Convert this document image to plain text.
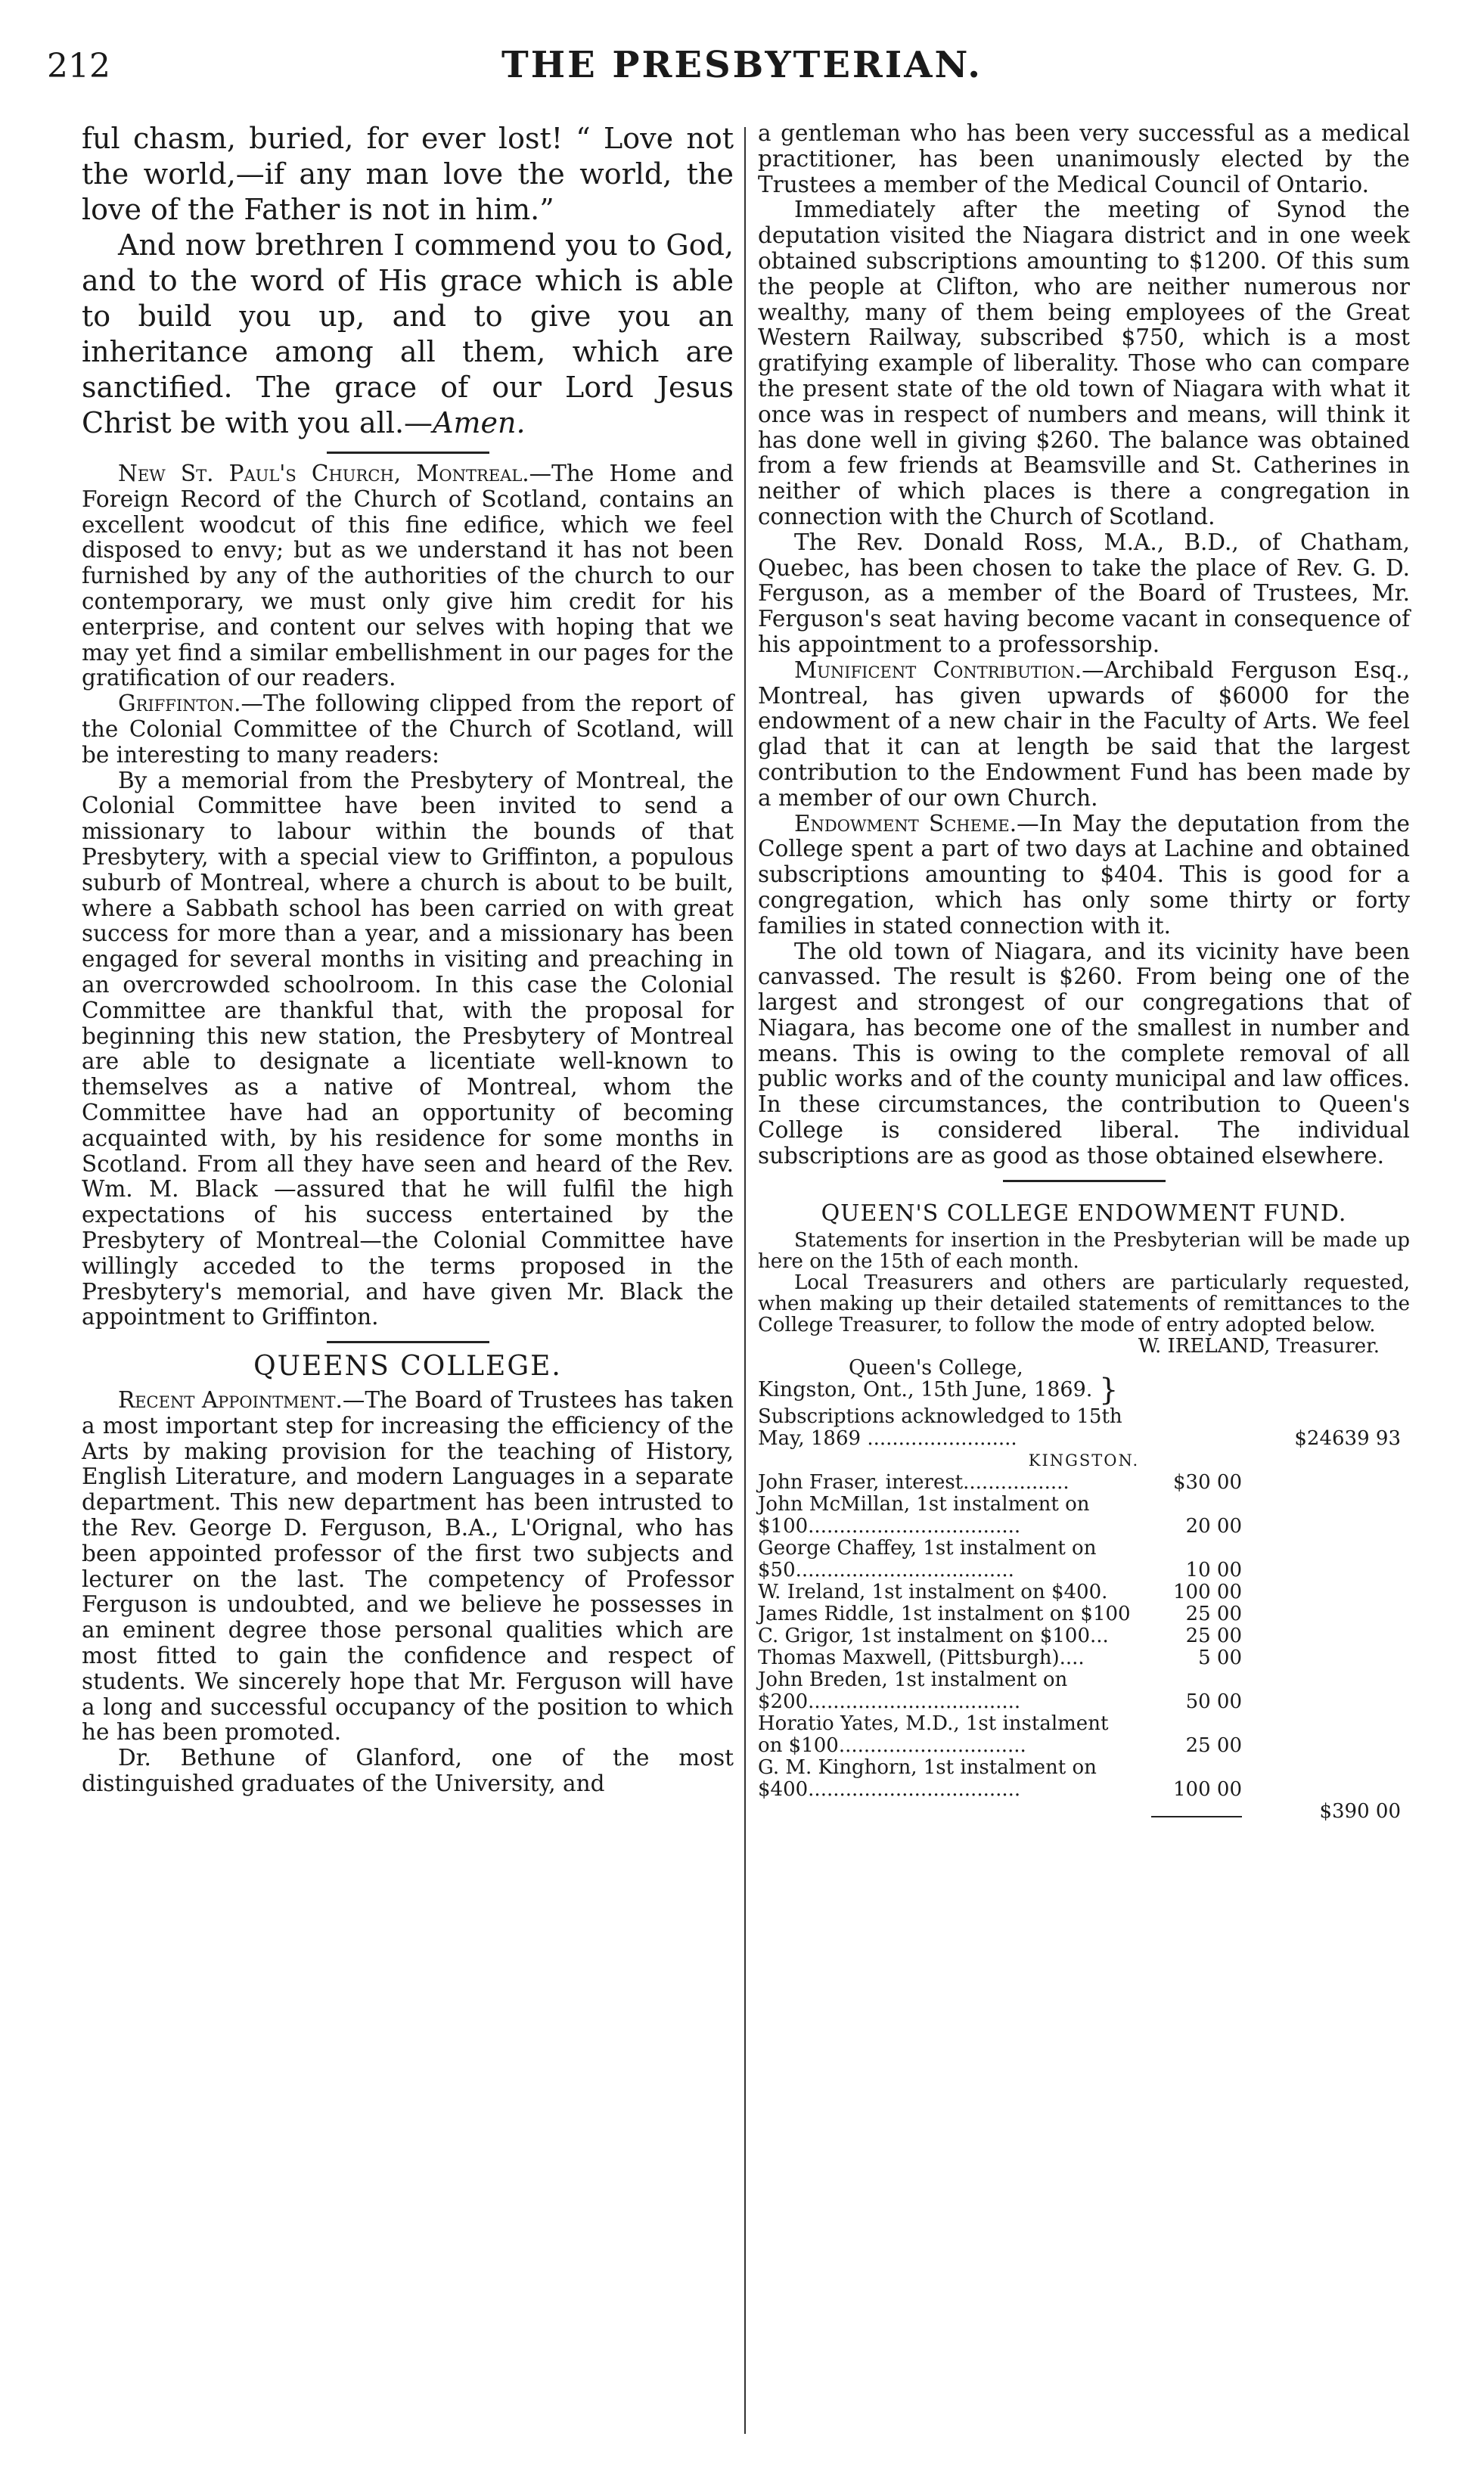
212	THE PRESBYTERIAN.

ful chasm, buried, for ever lost! “ Love not the world,—if any man love the world, the love of the Father is not in him.”

And now brethren I commend you to God, and to the word of His grace which is able to build you up, and to give you an inheritance among all them, which are sanctified. The grace of our Lord Jesus Christ be with you all.—Amen.

New St. Paul's Church, Montreal.—The Home and Foreign Record of the Church of Scotland, contains an excellent woodcut of this fine edifice, which we feel disposed to envy; but as we understand it has not been furnished by any of the authorities of the church to our contemporary, we must only give him credit for his enterprise, and content our selves with hoping that we may yet find a similar embellishment in our pages for the gratification of our readers.

Griffinton.—The following clipped from the report of the Colonial Committee of the Church of Scotland, will be interesting to many readers:

By a memorial from the Presbytery of Montreal, the Colonial Committee have been invited to send a missionary to labour within the bounds of that Presbytery, with a special view to Griffinton, a populous suburb of Montreal, where a church is about to be built, where a Sabbath school has been carried on with great success for more than a year, and a missionary has been engaged for several months in visiting and preaching in an overcrowded schoolroom. In this case the Colonial Committee are thankful that, with the proposal for beginning this new station, the Presbytery of Montreal are able to designate a licentiate well-known to themselves as a native of Montreal, whom the Committee have had an opportunity of becoming acquainted with, by his residence for some months in Scotland. From all they have seen and heard of the Rev. Wm. M. Black —assured that he will fulfil the high expectations of his success entertained by the Presbytery of Montreal—the Colonial Committee have willingly acceded to the terms proposed in the Presbytery's memorial, and have given Mr. Black the appointment to Griffinton.

QUEENS COLLEGE.

Recent Appointment.—The Board of Trustees has taken a most important step for increasing the efficiency of the Arts by making provision for the teaching of History, English Literature, and modern Languages in a separate department. This new department has been intrusted to the Rev. George D. Ferguson, B.A., L'Orignal, who has been appointed professor of the first two subjects and lecturer on the last. The competency of Professor Ferguson is undoubted, and we believe he possesses in an eminent degree those personal qualities which are most fitted to gain the confidence and respect of students. We sincerely hope that Mr. Ferguson will have a long and successful occupancy of the position to which he has been promoted.

Dr. Bethune of Glanford, one of the most distinguished graduates of the University, and

a gentleman who has been very successful as a medical practitioner, has been unanimously elected by the Trustees a member of the Medical Council of Ontario.

Immediately after the meeting of Synod the deputation visited the Niagara district and in one week obtained subscriptions amounting to $1200. Of this sum the people at Clifton, who are neither numerous nor wealthy, many of them being employees of the Great Western Railway, subscribed $750, which is a most gratifying example of liberality. Those who can compare the present state of the old town of Niagara with what it once was in respect of numbers and means, will think it has done well in giving $260. The balance was obtained from a few friends at Beamsville and St. Catherines in neither of which places is there a congregation in connection with the Church of Scotland.

The Rev. Donald Ross, M.A., B.D., of Chatham, Quebec, has been chosen to take the place of Rev. G. D. Ferguson, as a member of the Board of Trustees, Mr. Ferguson's seat having become vacant in consequence of his appointment to a professorship.

Munificent Contribution.—Archibald Ferguson Esq., Montreal, has given upwards of $6000 for the endowment of a new chair in the Faculty of Arts. We feel glad that it can at length be said that the largest contribution to the Endowment Fund has been made by a member of our own Church.

Endowment Scheme.—In May the deputation from the College spent a part of two days at Lachine and obtained subscriptions amounting to $404. This is good for a congregation, which has only some thirty or forty families in stated connection with it.

The old town of Niagara, and its vicinity have been canvassed. The result is $260. From being one of the largest and strongest of our congregations that of Niagara, has become one of the smallest in number and means. This is owing to the complete removal of all public works and of the county municipal and law offices. In these circumstances, the contribution to Queen's College is considered liberal. The individual subscriptions are as good as those obtained elsewhere.

QUEEN'S COLLEGE ENDOWMENT FUND.

Statements for insertion in the Presbyterian will be made up here on the 15th of each month.

Local Treasurers and others are particularly requested, when making up their detailed statements of remittances to the College Treasurer, to follow the mode of entry adopted below.

W. IRELAND, Treasurer.

Queen's College,
Kingston, Ont., 15th June, 1869. }
Subscriptions acknowledged to 15th
May, 1869 ........................	$24639 93
KINGSTON.
John Fraser, interest.................	$30 00
John McMillan, 1st instalment on
$100..................................	20 00
George Chaffey, 1st instalment on
$50...................................	10 00
W. Ireland, 1st instalment on $400.	100 00
James Riddle, 1st instalment on $100	25 00
C. Grigor, 1st instalment on $100...	25 00
Thomas Maxwell, (Pittsburgh)....	5 00
John Breden, 1st instalment on
$200..................................	50 00
Horatio Yates, M.D., 1st instalment
on $100..............................	25 00
G. M. Kinghorn, 1st instalment on
$400..................................	100 00
$390 00
